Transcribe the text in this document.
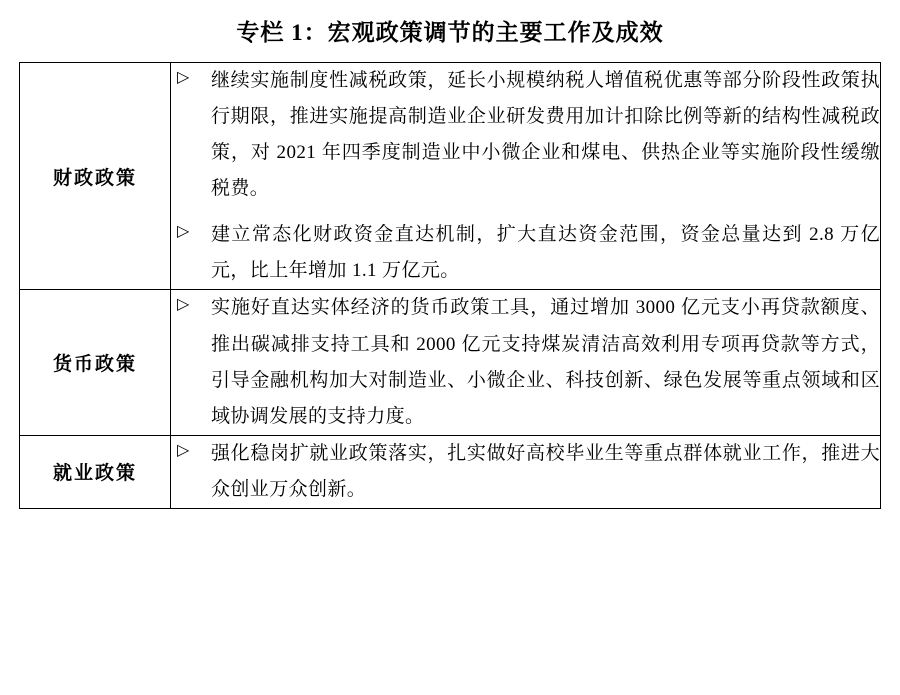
专栏 1：宏观政策调节的主要工作及成效
财政政策	▷ 继续实施制度性减税政策，延长小规模纳税人增值税优惠等部分阶段性政策执行期限，推进实施提高制造业企业研发费用加计扣除比例等新的结构性减税政策，对 2021 年四季度制造业中小微企业和煤电、供热企业等实施阶段性缓缴税费。
▷ 建立常态化财政资金直达机制，扩大直达资金范围，资金总量达到 2.8 万亿元，比上年增加 1.1 万亿元。

货币政策	▷ 实施好直达实体经济的货币政策工具，通过增加 3000 亿元支小再贷款额度、推出碳减排支持工具和 2000 亿元支持煤炭清洁高效利用专项再贷款等方式，引导金融机构加大对制造业、小微企业、科技创新、绿色发展等重点领域和区域协调发展的支持力度。

就业政策	▷ 强化稳岗扩就业政策落实，扎实做好高校毕业生等重点群体就业工作，推进大众创业万众创新。
